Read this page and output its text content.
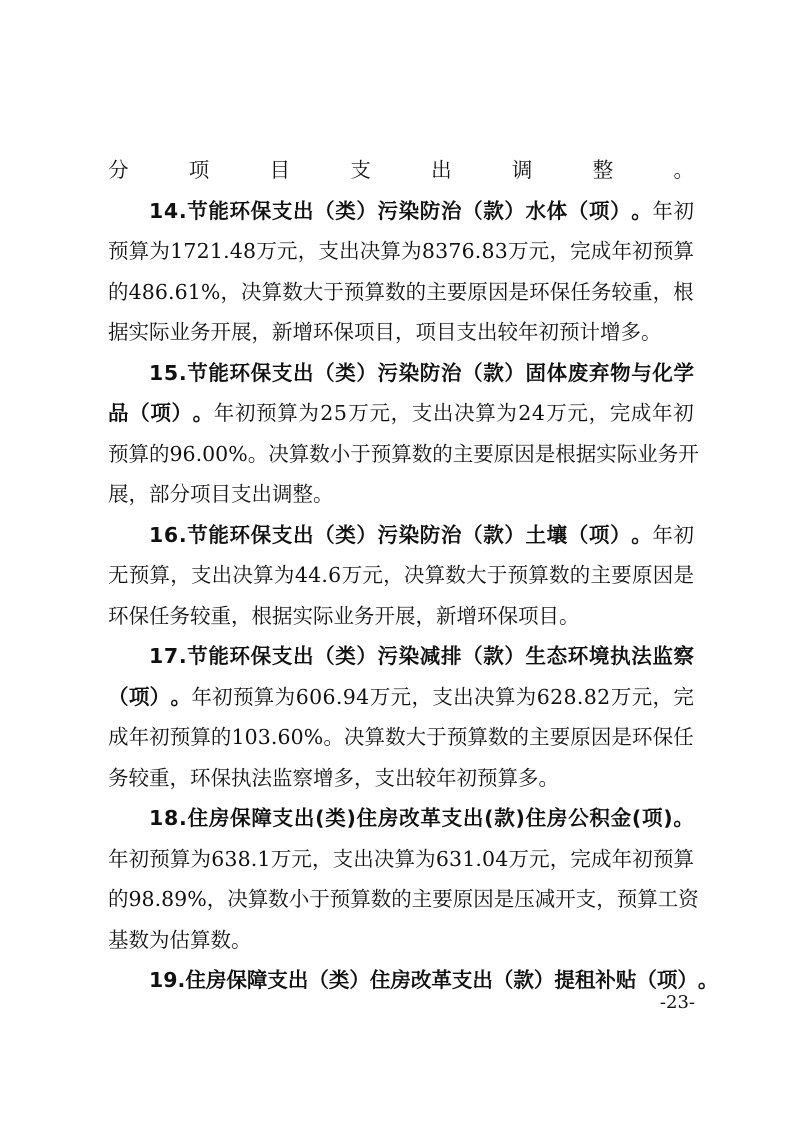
分	项	目	支	出	调	整	。
1 4 . 节 能 环 保 支 出 （ 类 ） 污 染 防 治 （ 款 ） 水 体 （ 项 ） 。 年 初
预 算 为 1 7 2 1 . 4 8 万 元 ， 支 出 决 算 为 8 3 7 6 . 8 3 万 元 ， 完 成 年 初 预 算
的 4 8 6 . 6 1 % ， 决 算 数 大 于 预 算 数 的 主 要 原 因 是 环 保 任 务 较 重 ， 根
据 实 际 业 务 开 展 ， 新 增 环 保 项 目 ， 项 目 支 出 较 年 初 预 计 增 多 。
1 5 . 节 能 环 保 支 出 （ 类 ） 污 染 防 治 （ 款 ） 固 体 废 弃 物 与 化 学
品 （ 项 ） 。 年 初 预 算 为 2 5 万 元 ， 支 出 决 算 为 2 4 万 元 ， 完 成 年 初
预 算 的 9 6 . 0 0 % 。 决 算 数 小 于 预 算 数 的 主 要 原 因 是 根 据 实 际 业 务 开
展 ， 部 分 项 目 支 出 调 整 。
1 6 . 节 能 环 保 支 出 （ 类 ） 污 染 防 治 （ 款 ） 土 壤 （ 项 ） 。 年 初
无 预 算 ， 支 出 决 算 为 4 4 . 6 万 元 ， 决 算 数 大 于 预 算 数 的 主 要 原 因 是
环 保 任 务 较 重 ， 根 据 实 际 业 务 开 展 ， 新 增 环 保 项 目 。
1 7 . 节 能 环 保 支 出 （ 类 ） 污 染 减 排 （ 款 ） 生 态 环 境 执 法 监 察
（ 项 ） 。 年 初 预 算 为 6 0 6 . 9 4 万 元 ， 支 出 决 算 为 6 2 8 . 8 2 万 元 ， 完
成 年 初 预 算 的 1 0 3 . 6 0 % 。 决 算 数 大 于 预 算 数 的 主 要 原 因 是 环 保 任
务 较 重 ， 环 保 执 法 监 察 增 多 ， 支 出 较 年 初 预 算 多 。
1 8 . 住 房 保 障 支 出 ( 类 ) 住 房 改 革 支 出 ( 款 ) 住 房 公 积 金 ( 项 ) 。
年 初 预 算 为 6 3 8 . 1 万 元 ， 支 出 决 算 为 6 3 1 . 0 4 万 元 ， 完 成 年 初 预 算
的 9 8 . 8 9 % ， 决 算 数 小 于 预 算 数 的 主 要 原 因 是 压 减 开 支 ， 预 算 工 资
基 数 为 估 算 数 。
1 9 . 住 房 保 障 支 出 （ 类 ） 住 房 改 革 支 出 （ 款 ） 提 租 补 贴 （ 项 ） 。
-23-
